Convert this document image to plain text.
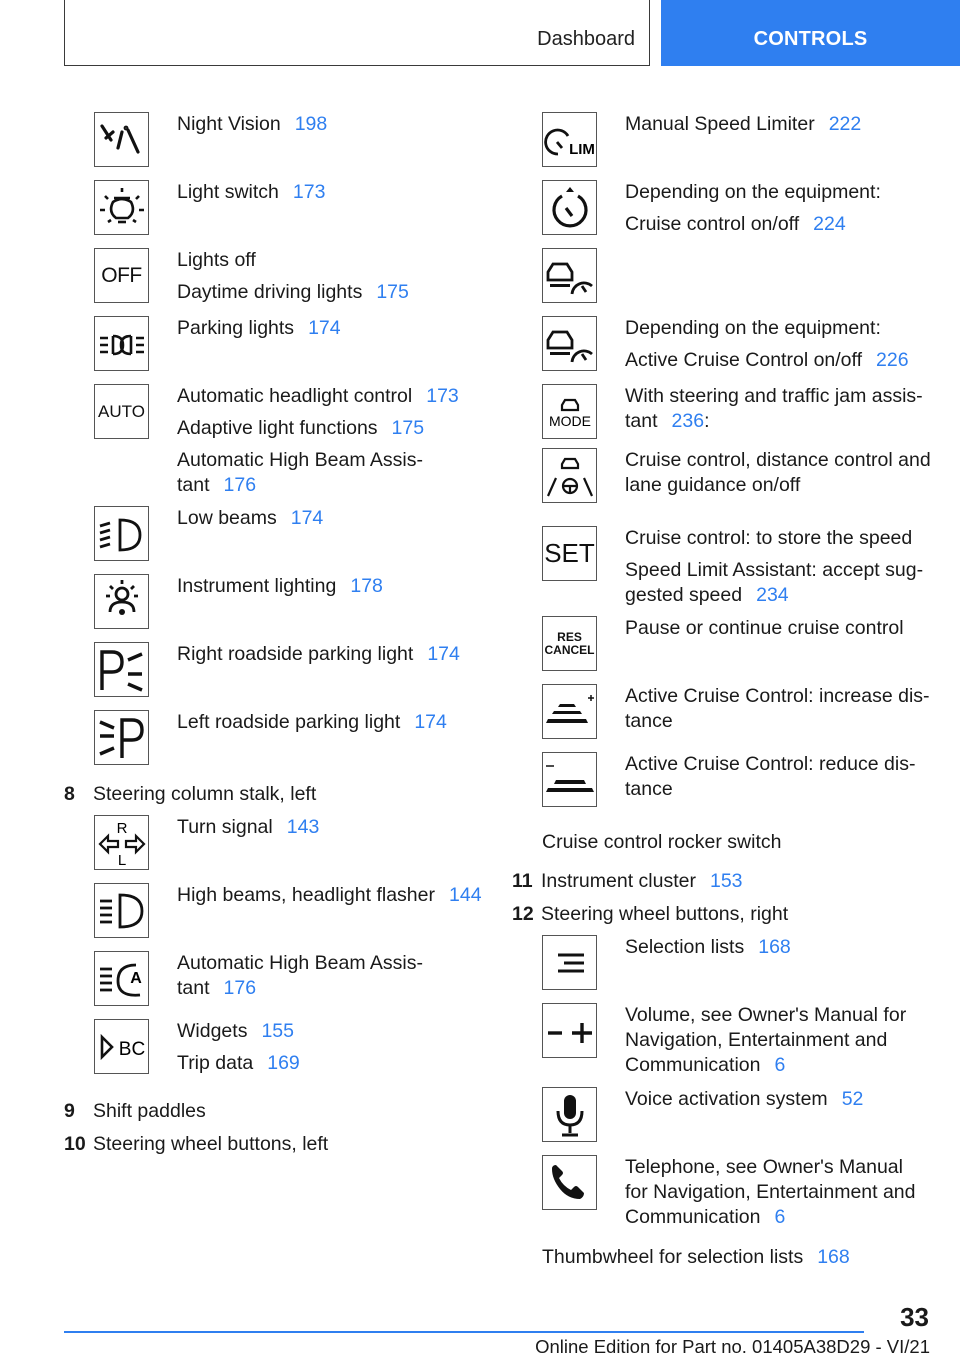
Dashboard	CONTROLS
Night Vision 198
Light switch 173
OFF
Lights off
Daytime driving lights 175
Parking lights 174
AUTO
Automatic headlight control 173
Adaptive light functions 175
Automatic High Beam Assis-
tant 176
Low beams 174
Instrument lighting 178
Right roadside parking light 174
Left roadside parking light 174
8 Steering column stalk, left
R
L
Turn signal 143
High beams, headlight flasher 144
A
Automatic High Beam Assis-
tant 176
BC
Widgets 155
Trip data 169
9 Shift paddles
10 Steering wheel buttons, left
LIM
Manual Speed Limiter 222
Depending on the equipment:
Cruise control on/off 224
Depending on the equipment:
Active Cruise Control on/off 226
MODE
With steering and traffic jam assis-
tant 236:
Cruise control, distance control and
lane guidance on/off
SET Cruise control: to store the speed
Speed Limit Assistant: accept sug-
gested speed 234
RES
CANCEL
Pause or continue cruise control
Active Cruise Control: increase dis-
tance
Active Cruise Control: reduce dis-
tance
Cruise control rocker switch
11 Instrument cluster 153
12 Steering wheel buttons, right
Selection lists 168
Volume, see Owner's Manual for
Navigation, Entertainment and
Communication 6
Voice activation system 52
Telephone, see Owner's Manual
for Navigation, Entertainment and
Communication 6
Thumbwheel for selection lists 168
33
Online Edition for Part no. 01405A38D29 - VI/21
